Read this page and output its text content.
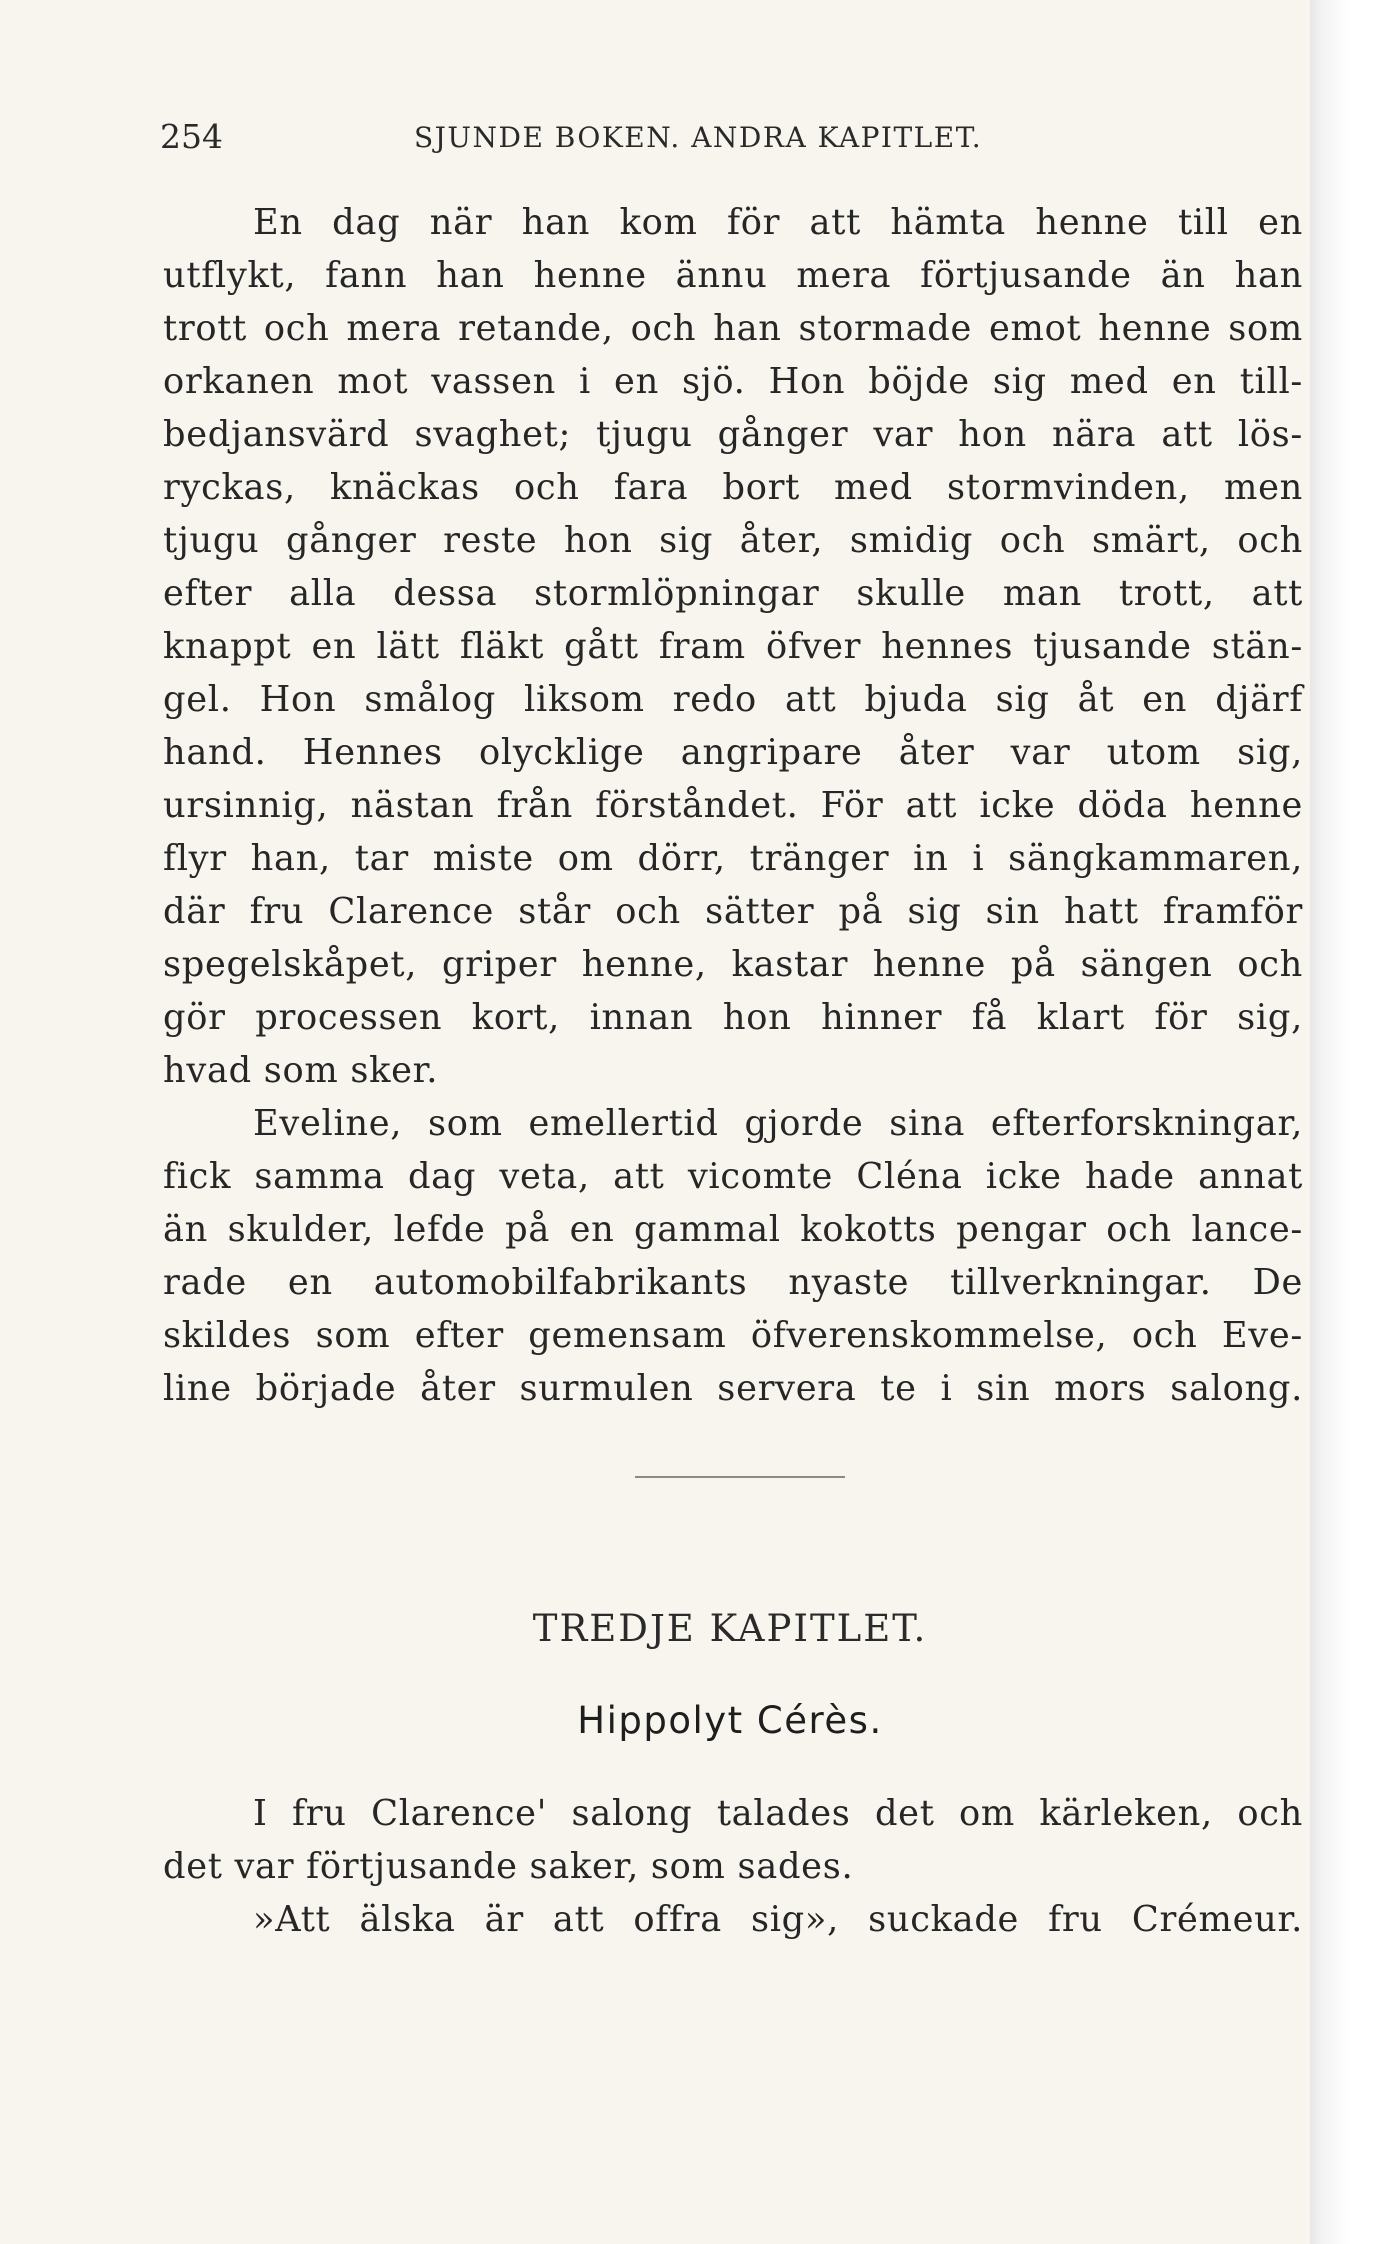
254	SJUNDE BOKEN. ANDRA KAPITLET.
En dag när han kom för att hämta henne till en
utflykt, fann han henne ännu mera förtjusande än han
trott och mera retande, och han stormade emot henne som
orkanen mot vassen i en sjö. Hon böjde sig med en till-
bedjansvärd svaghet; tjugu gånger var hon nära att lös-
ryckas, knäckas och fara bort med stormvinden, men
tjugu gånger reste hon sig åter, smidig och smärt, och
efter alla dessa stormlöpningar skulle man trott, att
knappt en lätt fläkt gått fram öfver hennes tjusande stän-
gel. Hon smålog liksom redo att bjuda sig åt en djärf
hand. Hennes olycklige angripare åter var utom sig,
ursinnig, nästan från förståndet. För att icke döda henne
flyr han, tar miste om dörr, tränger in i sängkammaren,
där fru Clarence står och sätter på sig sin hatt framför
spegelskåpet, griper henne, kastar henne på sängen och
gör processen kort, innan hon hinner få klart för sig,
hvad som sker.
Eveline, som emellertid gjorde sina efterforskningar,
fick samma dag veta, att vicomte Cléna icke hade annat
än skulder, lefde på en gammal kokotts pengar och lance-
rade en automobilfabrikants nyaste tillverkningar. De
skildes som efter gemensam öfverenskommelse, och Eve-
line började åter surmulen servera te i sin mors salong.
TREDJE KAPITLET.
Hippolyt Cérès.
I fru Clarence' salong talades det om kärleken, och
det var förtjusande saker, som sades.
»Att älska är att offra sig», suckade fru Crémeur.
